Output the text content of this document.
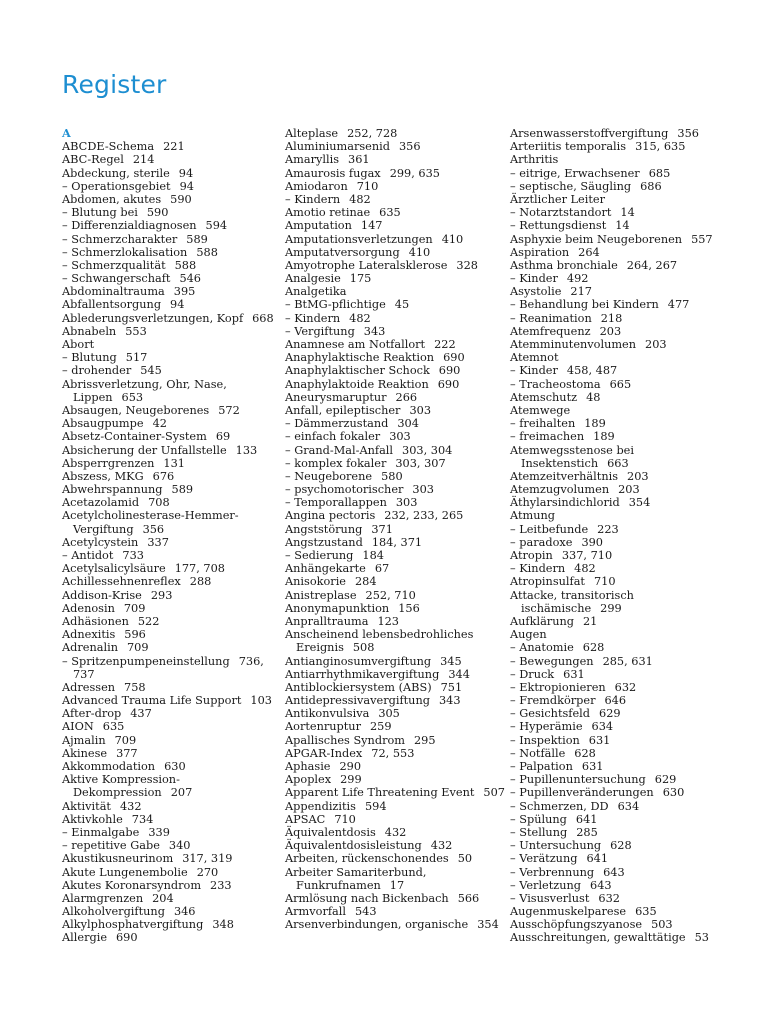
Register
A
ABCDE-Schema 221
ABC-Regel 214
Abdeckung, sterile 94
– Operationsgebiet 94
Abdomen, akutes 590
– Blutung bei 590
– Differenzialdiagnosen 594
– Schmerzcharakter 589
– Schmerzlokalisation 588
– Schmerzqualität 588
– Schwangerschaft 546
Abdominaltrauma 395
Abfallentsorgung 94
Ablederungsverletzungen, Kopf 668
Abnabeln 553
Abort
– Blutung 517
– drohender 545
Abrissverletzung, Ohr, Nase, Lippen 653
Absaugen, Neugeborenes 572
Absaugpumpe 42
Absetz-Container-System 69
Absicherung der Unfallstelle 133
Absperrgrenzen 131
Abszess, MKG 676
Abwehrspannung 589
Acetazolamid 708
Acetylcholinesterase-Hemmer-Vergiftung 356
Acetylcystein 337
– Antidot 733
Acetylsalicylsäure 177, 708
Achillessehnenreflex 288
Addison-Krise 293
Adenosin 709
Adhäsionen 522
Adnexitis 596
Adrenalin 709
– Spritzenpumpeneinstellung 736, 737
Adressen 758
Advanced Trauma Life Support 103
After-drop 437
AION 635
Ajmalin 709
Akinese 377
Akkommodation 630
Aktive Kompression-Dekompression 207
Aktivität 432
Aktivkohle 734
– Einmalgabe 339
– repetitive Gabe 340
Akustikusneurinom 317, 319
Akute Lungenembolie 270
Akutes Koronarsyndrom 233
Alarmgrenzen 204
Alkoholvergiftung 346
Alkylphosphatvergiftung 348
Allergie 690
Alteplase 252, 728
Aluminiumarsenid 356
Amaryllis 361
Amaurosis fugax 299, 635
Amiodaron 710
– Kindern 482
Amotio retinae 635
Amputation 147
Amputationsverletzungen 410
Amputatversorgung 410
Amyotrophe Lateralsklerose 328
Analgesie 175
Analgetika
– BtMG-pflichtige 45
– Kindern 482
– Vergiftung 343
Anamnese am Notfallort 222
Anaphylaktische Reaktion 690
Anaphylaktischer Schock 690
Anaphylaktoide Reaktion 690
Aneurysmaruptur 266
Anfall, epileptischer 303
– Dämmerzustand 304
– einfach fokaler 303
– Grand-Mal-Anfall 303, 304
– komplex fokaler 303, 307
– Neugeborene 580
– psychomotorischer 303
– Temporallappen 303
Angina pectoris 232, 233, 265
Angststörung 371
Angstzustand 184, 371
– Sedierung 184
Anhängekarte 67
Anisokorie 284
Anistreplase 252, 710
Anonymapunktion 156
Anpralltrauma 123
Anscheinend lebensbedrohliches Ereignis 508
Antianginosumvergiftung 345
Antiarrhythmikavergiftung 344
Antiblockiersystem (ABS) 751
Antidepressivavergiftung 343
Antikonvulsiva 305
Aortenruptur 259
Apallisches Syndrom 295
APGAR-Index 72, 553
Aphasie 290
Apoplex 299
Apparent Life Threatening Event 507
Appendizitis 594
APSAC 710
Äquivalentdosis 432
Äquivalentdosisleistung 432
Arbeiten, rückenschonendes 50
Arbeiter Samariterbund, Funkrufnamen 17
Armlösung nach Bickenbach 566
Armvorfall 543
Arsenverbindungen, organische 354
Arsenwasserstoffvergiftung 356
Arteriitis temporalis 315, 635
Arthritis
– eitrige, Erwachsener 685
– septische, Säugling 686
Ärztlicher Leiter
– Notarztstandort 14
– Rettungsdienst 14
Asphyxie beim Neugeborenen 557
Aspiration 264
Asthma bronchiale 264, 267
– Kinder 492
Asystolie 217
– Behandlung bei Kindern 477
– Reanimation 218
Atemfrequenz 203
Atemminutenvolumen 203
Atemnot
– Kinder 458, 487
– Tracheostoma 665
Atemschutz 48
Atemwege
– freihalten 189
– freimachen 189
Atemwegsstenose bei Insektenstich 663
Atemzeitverhältnis 203
Atemzugvolumen 203
Äthylarsindichlorid 354
Atmung
– Leitbefunde 223
– paradoxe 390
Atropin 337, 710
– Kindern 482
Atropinsulfat 710
Attacke, transitorisch ischämische 299
Aufklärung 21
Augen
– Anatomie 628
– Bewegungen 285, 631
– Druck 631
– Ektropionieren 632
– Fremdkörper 646
– Gesichtsfeld 629
– Hyperämie 634
– Inspektion 631
– Notfälle 628
– Palpation 631
– Pupillenuntersuchung 629
– Pupillenveränderungen 630
– Schmerzen, DD 634
– Spülung 641
– Stellung 285
– Untersuchung 628
– Verätzung 641
– Verbrennung 643
– Verletzung 643
– Visusverlust 632
Augenmuskelparese 635
Ausschöpfungszyanose 503
Ausschreitungen, gewalttätige 53
